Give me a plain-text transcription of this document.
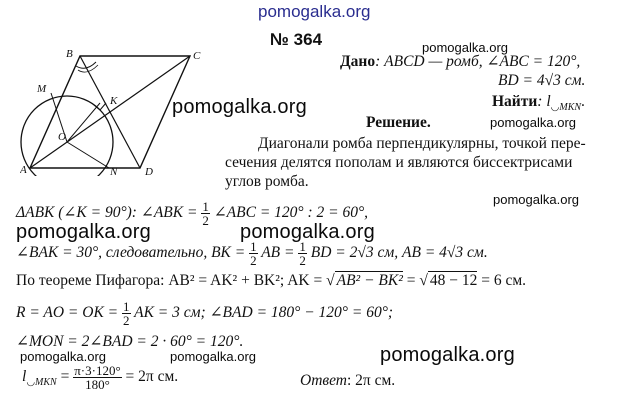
pomogalka.org
B	C
M
K
O
A	N	D
№ 364	pomogalka.org
Дано: ABCD — ромб, ∠ABC = 120°,
BD = 4√3 см.
Найти: $l_{◡MKN}$.
pomogalka.org
Решение.	pomogalka.org
Диагонали ромба перпендикулярны, точкой пере-
сечения делятся пополам и являются биссектрисами
углов ромба.
pomogalka.org
ΔABK (∠K = 90°): ∠ABK = $\frac{1}{2}$ ∠ABC = 120° : 2 = 60°,
pomogalka.org	pomogalka.org
∠BAK = 30°, следовательно, BK = $\frac{1}{2}$ AB = $\frac{1}{2}$ BD = 2√3 см, AB = 4√3 см.
По теореме Пифагора: AB² = AK² + BK²; AK = √ AB² − BK² = √ 48 − 12 = 6 см.
R = AO = OK = $\frac{1}{2}$ AK = 3 см; ∠BAD = 180° − 120° = 60°;
∠MON = 2∠BAD = 2 · 60° = 120°.
pomogalka.org	pomogalka.org	pomogalka.org
$l_{◡MKN} = \frac{\pi\cdot 3\cdot 120^\circ}{180^\circ} = 2\pi$ см.	Ответ: 2π см.
